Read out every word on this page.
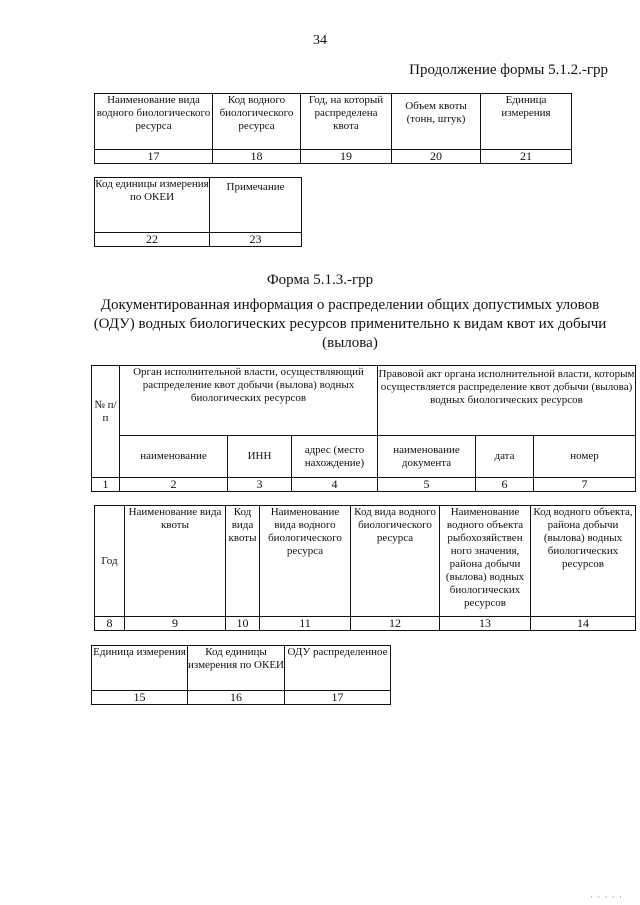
34
Продолжение формы 5.1.2.-грр
Наименование вида водного биологического ресурса	Код водного биологического ресурса	Год, на который распределена квота	Объем квоты (тонн, штук)	Единица измерения

17	18	19	20	21
Код единицы измерения по ОКЕИ	Примечание

22	23
Форма 5.1.3.-грр
Документированная информация о распределении общих допустимых уловов (ОДУ) водных биологических ресурсов применительно к видам квот их добычи (вылова)
№ п/п	Орган исполнительной власти, осуществляющий распределение квот добычи (вылова) водных биологических ресурсов			Правовой акт органа исполнительной власти, которым осуществляется распределение квот добычи (вылова) водных биологических ресурсов		

	наименование	ИНН	адрес (место нахождение)	наименование документа	дата	номер

1	2	3	4	5	6	7
Год	Наименование вида квоты	Код вида квоты	Наименование вида водного биологического ресурса	Код вида водного биологического ресурса	Наименование водного объекта рыбохозяйствен ного значения, района добычи (вылова) водных биологических ресурсов	Код водного объекта, района добычи (вылова) водных биологических ресурсов

8	9	10	11	12	13	14
Единица измерения	Код единицы измерения по ОКЕИ	ОДУ распределенное

15	16	17
· · · · ·
